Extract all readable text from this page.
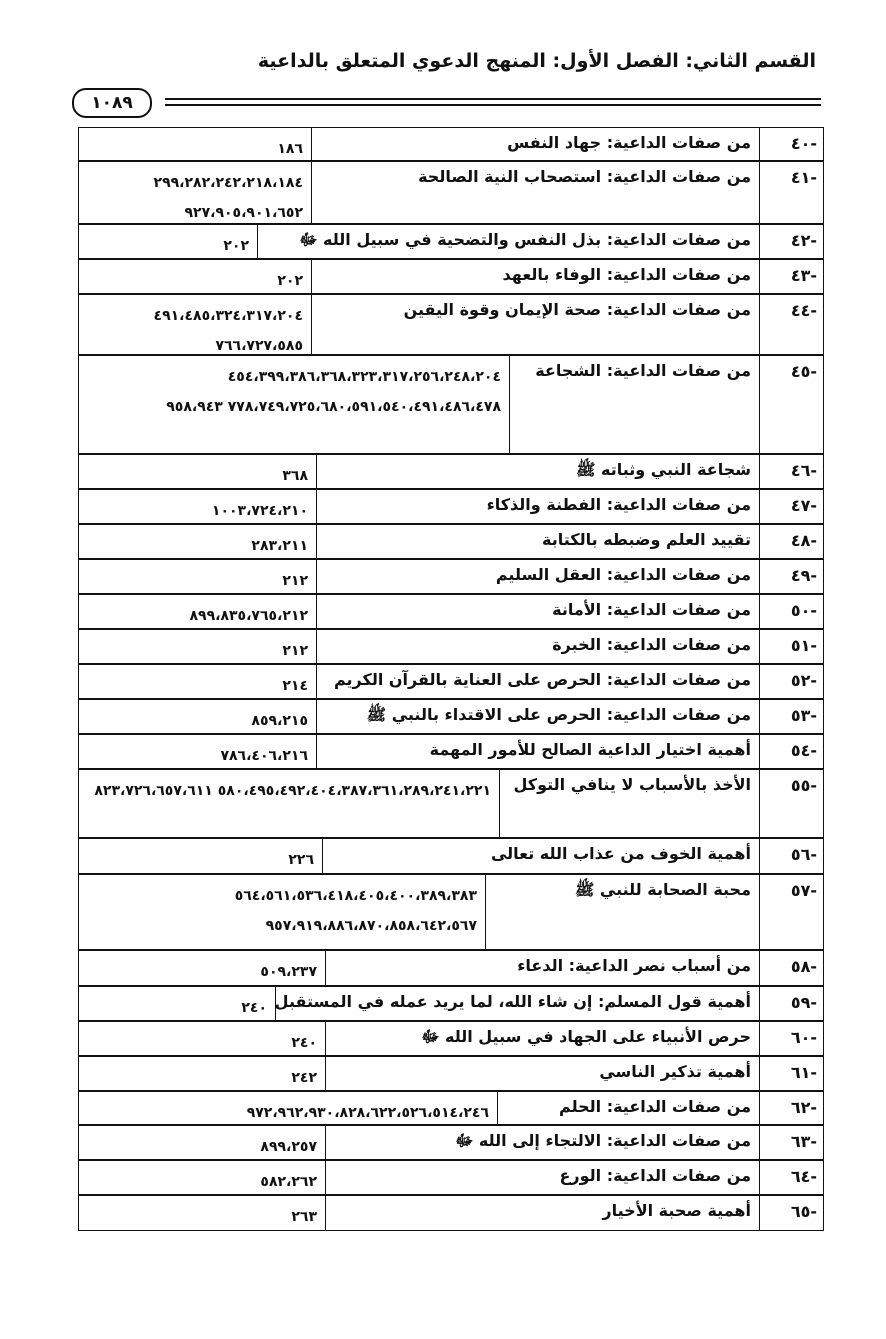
القسم الثاني: الفصل الأول: المنهج الدعوي المتعلق بالداعية
١٠٨٩
-٤٠
من صفات الداعية: جهاد النفس
١٨٦
-٤١
من صفات الداعية: استصحاب النية الصالحة
٢٩٩،٢٨٢،٢٤٢،٢١٨،١٨٤ ٩٢٧،٩٠٥،٩٠١،٦٥٢
-٤٢
من صفات الداعية: بذل النفس والتضحية في سبيل الله ﷻ
٢٠٢
-٤٣
من صفات الداعية: الوفاء بالعهد
٢٠٢
-٤٤
من صفات الداعية: صحة الإيمان وقوة اليقين
٤٩١،٤٨٥،٣٢٤،٣١٧،٢٠٤ ٧٦٦،٧٢٧،٥٨٥
-٤٥
من صفات الداعية: الشجاعة
٤٥٤،٣٩٩،٣٨٦،٣٦٨،٣٢٣،٣١٧،٢٥٦،٢٤٨،٢٠٤ ٧٧٨،٧٤٩،٧٢٥،٦٨٠،٥٩١،٥٤٠،٤٩١،٤٨٦،٤٧٨ ٩٥٨،٩٤٣
-٤٦
شجاعة النبي وثباته ﷺ
٣٦٨
-٤٧
من صفات الداعية: الفطنة والذكاء
١٠٠٣،٧٢٤،٢١٠
-٤٨
تقييد العلم وضبطه بالكتابة
٢٨٣،٢١١
-٤٩
من صفات الداعية: العقل السليم
٢١٢
-٥٠
من صفات الداعية: الأمانة
٨٩٩،٨٣٥،٧٦٥،٢١٢
-٥١
من صفات الداعية: الخبرة
٢١٢
-٥٢
من صفات الداعية: الحرص على العناية بالقرآن الكريم
٢١٤
-٥٣
من صفات الداعية: الحرص على الاقتداء بالنبي ﷺ
٨٥٩،٢١٥
-٥٤
أهمية اختيار الداعية الصالح للأمور المهمة
٧٨٦،٤٠٦،٢١٦
-٥٥
الأخذ بالأسباب لا ينافي التوكل
٥٨٠،٤٩٥،٤٩٢،٤٠٤،٣٨٧،٣٦١،٢٨٩،٢٤١،٢٢١ ٨٢٣،٧٢٦،٦٥٧،٦١١
-٥٦
أهمية الخوف من عذاب الله تعالى
٢٢٦
-٥٧
محبة الصحابة للنبي ﷺ
٥٦٤،٥٦١،٥٣٦،٤١٨،٤٠٥،٤٠٠،٣٨٩،٣٨٣ ٩٥٧،٩١٩،٨٨٦،٨٧٠،٨٥٨،٦٤٢،٥٦٧
-٥٨
من أسباب نصر الداعية: الدعاء
٥٠٩،٢٣٧
-٥٩
أهمية قول المسلم: إن شاء الله، لما يريد عمله في المستقبل
٢٤٠
-٦٠
حرص الأنبياء على الجهاد في سبيل الله ﷻ
٢٤٠
-٦١
أهمية تذكير الناسي
٢٤٢
-٦٢
من صفات الداعية: الحلم
٩٧٢،٩٦٢،٩٣٠،٨٢٨،٦٢٢،٥٢٦،٥١٤،٢٤٦
-٦٣
من صفات الداعية: الالتجاء إلى الله ﷻ
٨٩٩،٢٥٧
-٦٤
من صفات الداعية: الورع
٥٨٢،٢٦٢
-٦٥
أهمية صحبة الأخيار
٢٦٣
